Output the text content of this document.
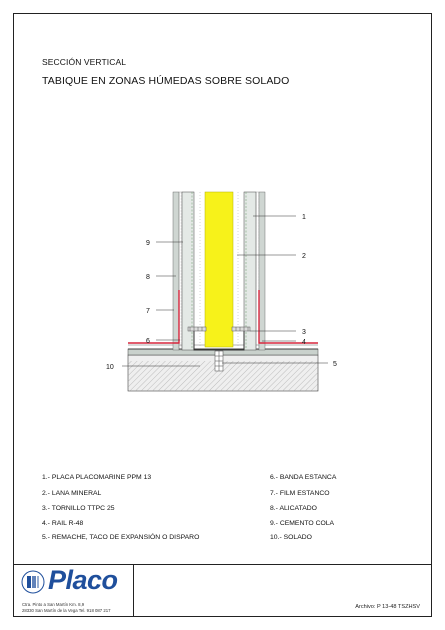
SECCIÓN VERTICAL
TABIQUE EN ZONAS HÚMEDAS SOBRE SOLADO
1
2
3
4
5
6
7
8
9
10
1.- PLACA PLACOMARINE PPM 13
2.- LANA MINERAL
3.- TORNILLO TTPC 25
4.- RAIL R-48
5.- REMACHE, TACO DE EXPANSIÓN O DISPARO
6.- BANDA ESTANCA
7.- FILM ESTANCO
8.- ALICATADO
9.- CEMENTO COLA
10.- SOLADO
Placo
Ctra. Pinto a San Martín Km. 8,9
28330 San Martín de la Vega Tel. 918 087 217
Archivo: P 13-48 TSZHSV
